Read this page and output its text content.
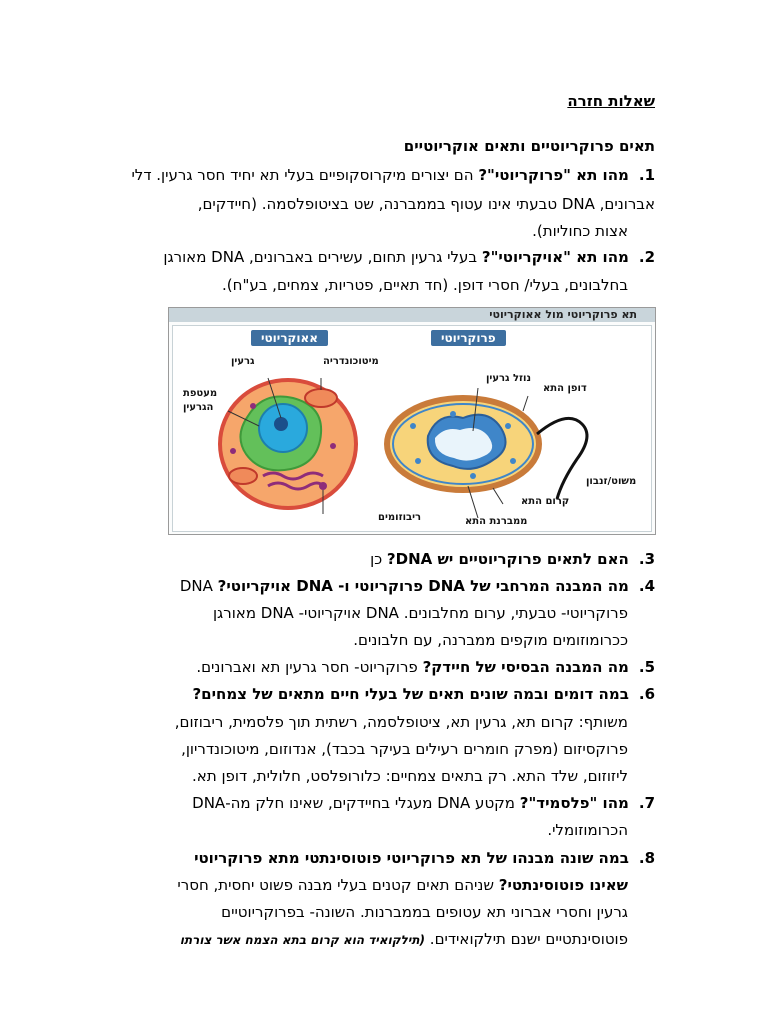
שאלות חזרה
תאים פרוקריוטיים ותאים אוקריוטיים
1.מהו תא "פרוקריוטי"? הם יצורים מיקרוסקופיים בעלי תא יחיד חסר גרעין. דלי
אברונים, DNA טבעתי אינו עטוף בממברנה, שט בציטופלסמה. (חיידקים,
אצות כחוליות).
2.מהו תא "אויקריוטי"? בעלי גרעין תחום, עשירים באברונים, DNA מאורגן
בחלבונים, בעלי/ חסרי דופן. (חד תאיים, פטריות, צמחים, בע"ח).
תא פרוקריוטי מול אאוקריוטי
אאוקריוטי	פרוקריוטי
מיטוכונדריה
גרעין
מעטפת
הגרעין
ריבוזומים
נוזל גרעין
דופן התא
משוט/זנבון
קרום התא
ממברנת התא
3.האם לתאים פרוקריוטיים יש DNA? כן
4.מה המבנה המרחבי של DNA פרוקריוטי ו- DNA אויקריוטי? DNA
פרוקריוטי- טבעתי, ערום מחלבונים. DNA אויקריוטי- DNA מאורגן
ככרומוזומים מוקפים ממברנה, עם חלבונים.
5.מה המבנה הבסיסי של חיידק? פרוקריוט- חסר גרעין תא ואברונים.
6.במה דומים ובמה שונים תאים של בעלי חיים מתאים של צמחים?
משותף: קרום תא, גרעין תא, ציטופלסמה, רשתית תוך פלסמית, ריבוזום,
פרוקסיזום (מפרק חומרים רעילים בעיקר בכבד), אנדוזום, מיטוכונדריון,
ליזוזום, שלד התא. רק בתאים צמחיים: כלורופלסט, חלולית, דופן תא.
7.מהו "פלסמיד"? מקטע DNA מעגלי בחיידקים, שאינו חלק מה-DNA
הכרומוזומלי.
8.במה שונה מבנהו של תא פרוקריוטי פוטוסינתטי מתא פרוקריוטי
שאינו פוטוסינתטי? שניהם תאים קטנים בעלי מבנה פשוט יחסית, חסרי
גרעין וחסרי אברוני תא עטופים בממברנות. השונה- בפרוקריוטיים
פוטוסינתטיים ישנם תילקואידים. (תילקואיד הוא קרום בתא הצמח אשר צורתו
